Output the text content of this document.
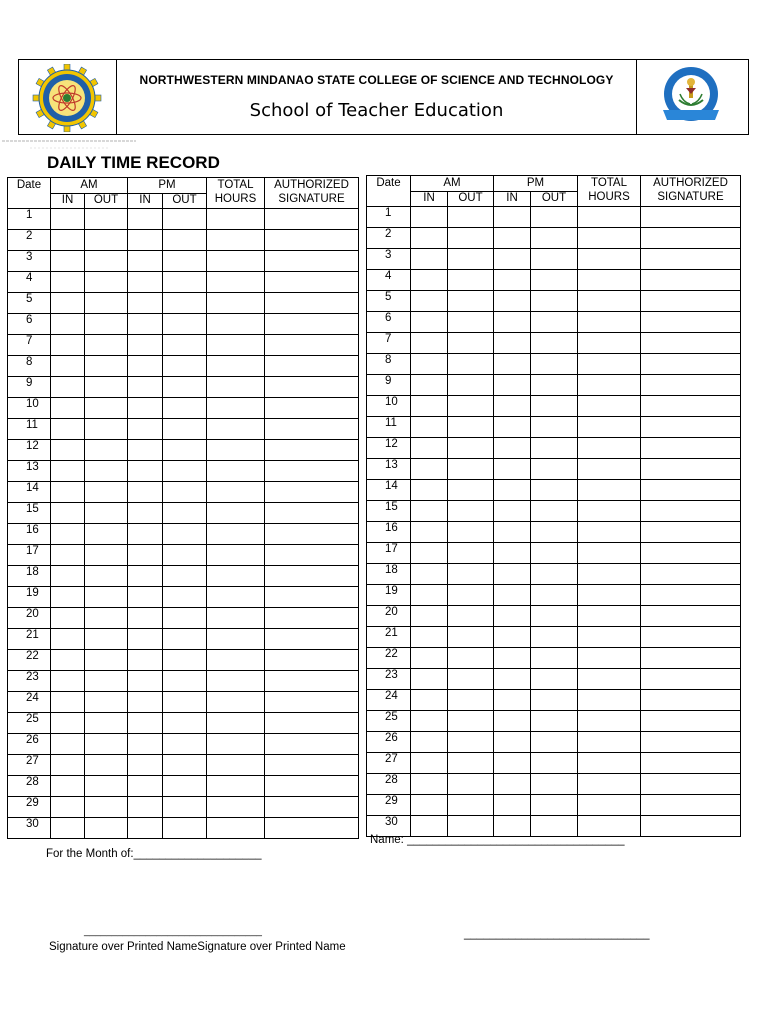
NORTHWESTERN MINDANAO STATE COLLEGE OF SCIENCE AND TECHNOLOGY
School of Teacher Education
DAILY TIME RECORD
Date	AM		PM		TOTAL HOURS	AUTHORIZED SIGNATURE
	IN	OUT	IN	OUT		
1						
2						
3						
4						
5						
6						
7						
8						
9						
10						
11						
12						
13						
14						
15						
16						
17						
18						
19						
20						
21						
22						
23						
24						
25						
26						
27						
28						
29						
30						
Date	AM		PM		TOTAL HOURS	AUTHORIZED SIGNATURE
	IN	OUT	IN	OUT		
1						
2						
3						
4						
5						
6						
7						
8						
9						
10						
11						
12						
13						
14						
15						
16						
17						
18						
19						
20						
21						
22						
23						
24						
25						
26						
27						
28						
29						
30						
Name: __________________________________
For the Month of:____________________
________________________________	_____________________________
Signature over Printed NameSignature over Printed Name
